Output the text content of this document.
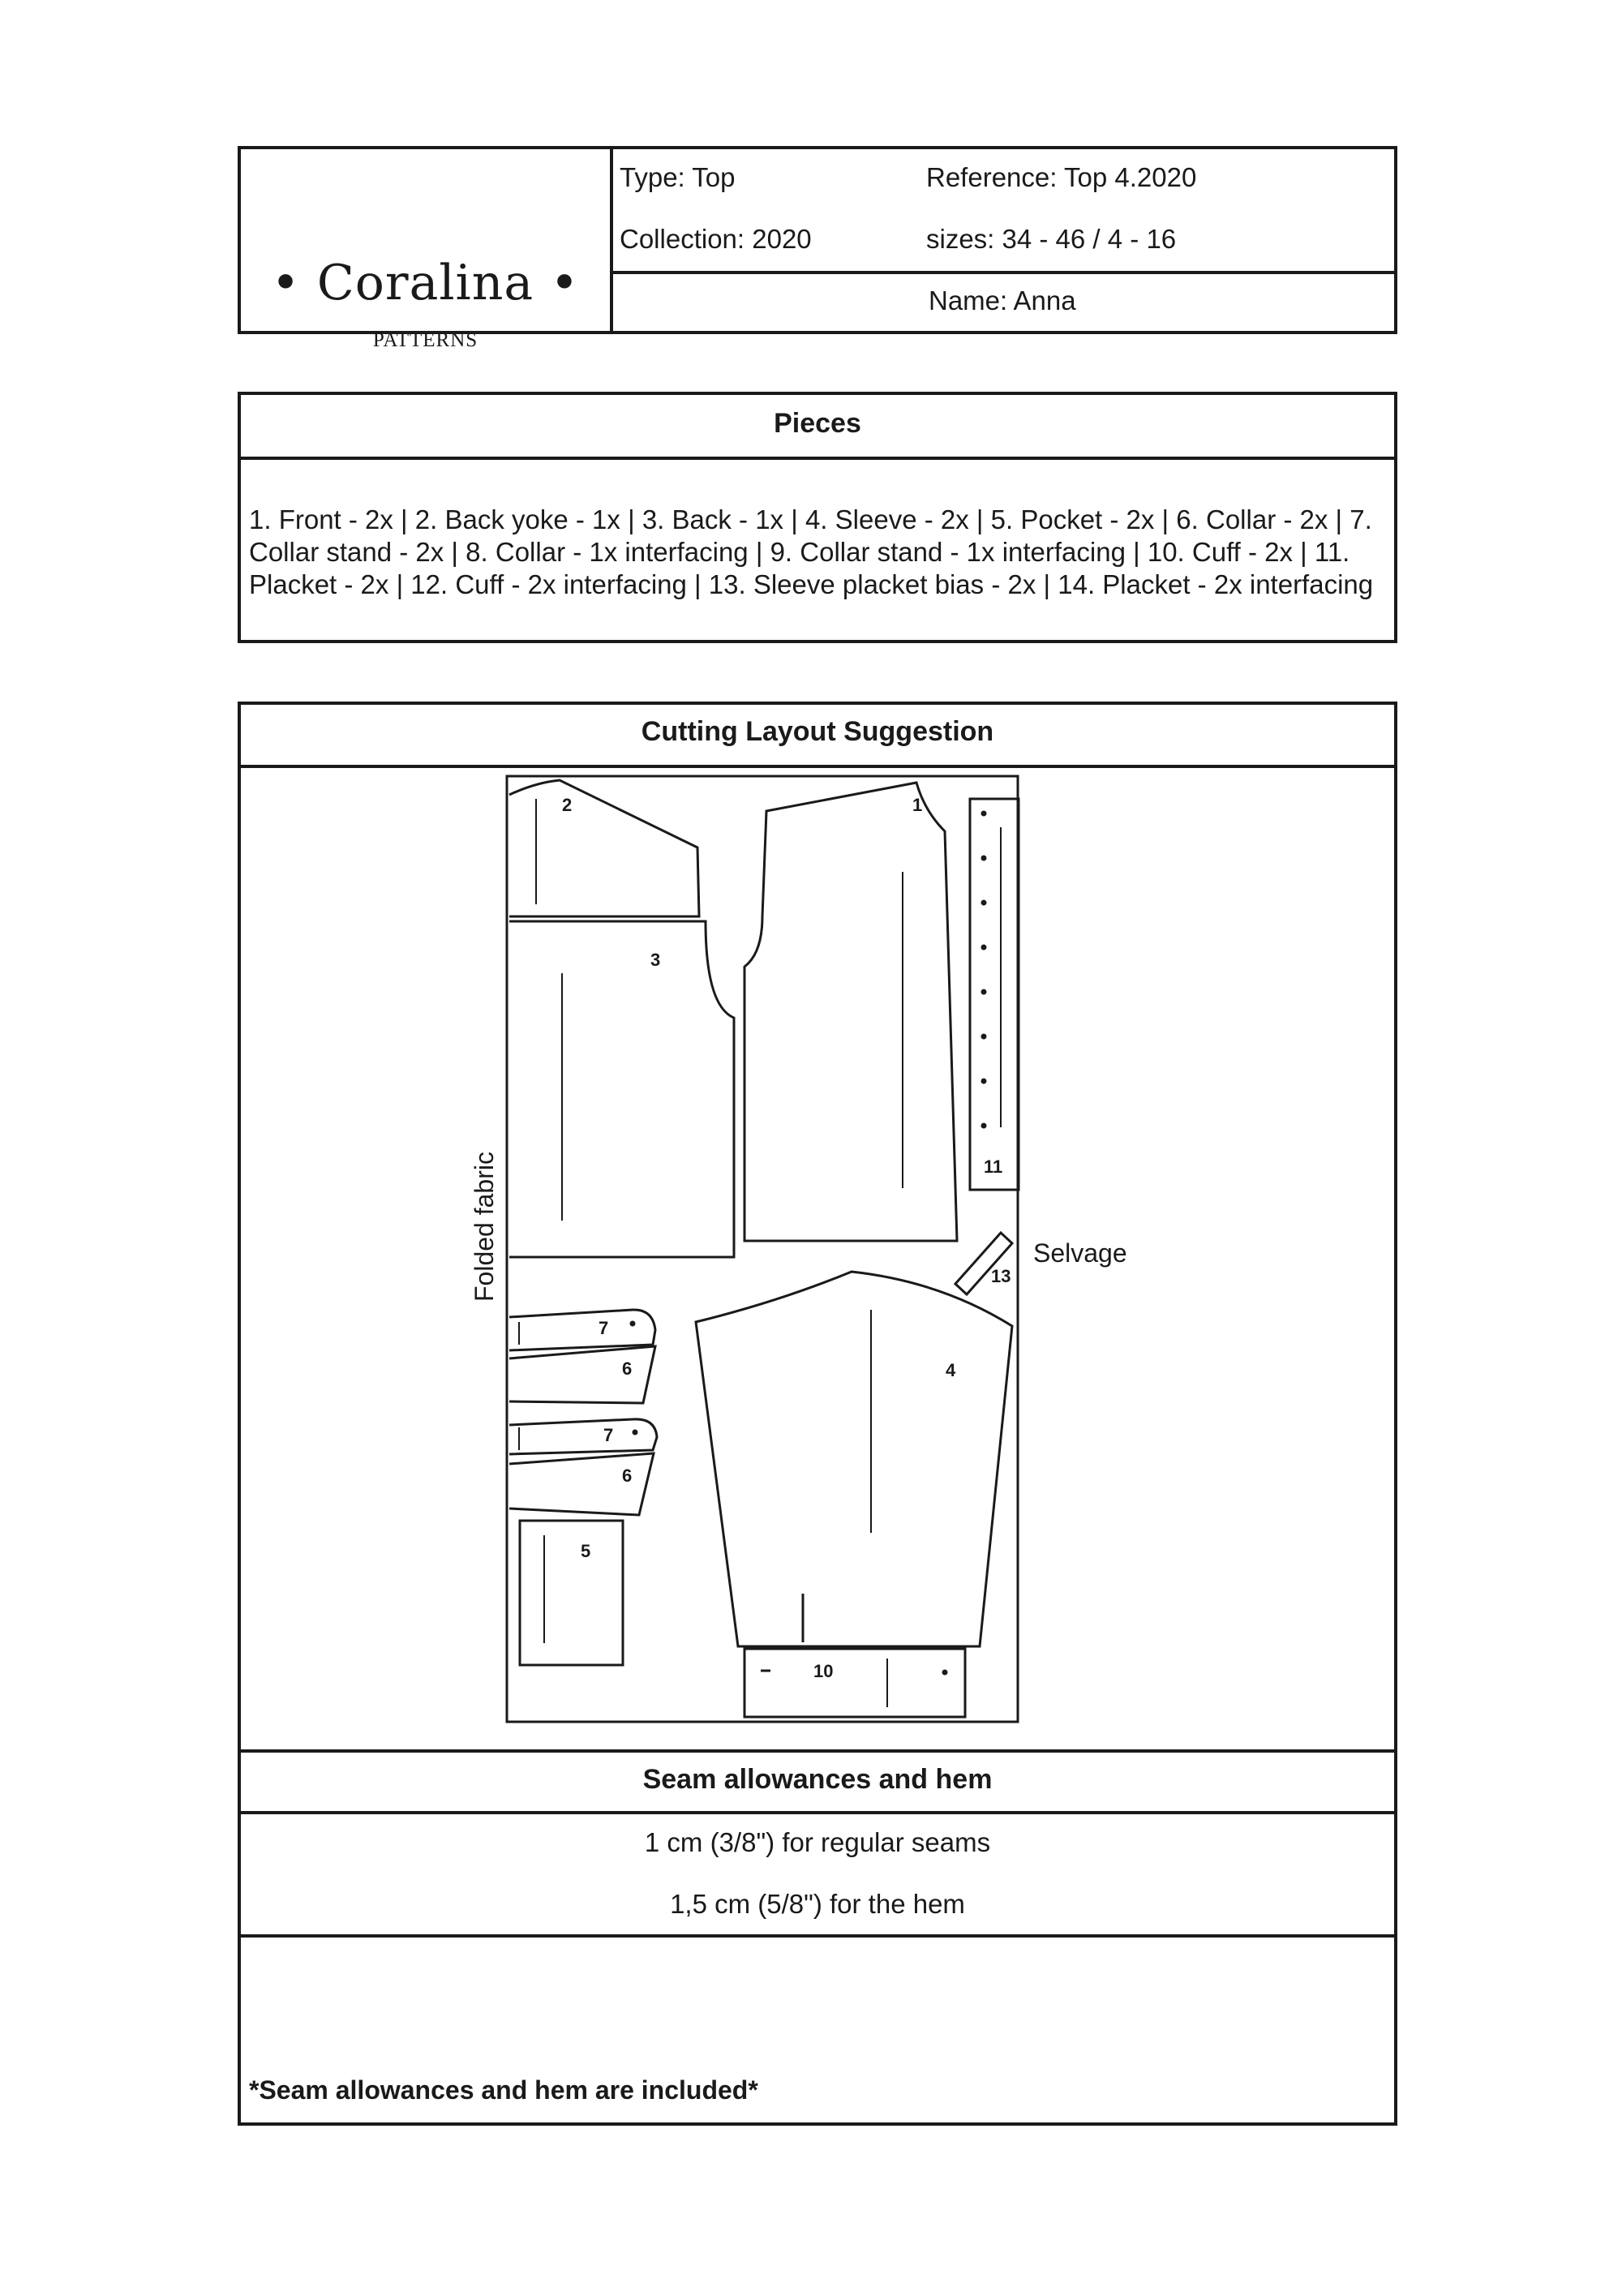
• Coralina •
PATTERNS
Type: Top	Reference: Top 4.2020
Collection: 2020	sizes: 34 - 46 / 4 - 16
Name: Anna
Pieces
1. Front - 2x | 2. Back yoke - 1x | 3. Back - 1x | 4. Sleeve - 2x | 5. Pocket - 2x | 6. Collar - 2x | 7. Collar stand - 2x | 8. Collar - 1x interfacing | 9. Collar stand - 1x interfacing | 10. Cuff - 2x | 11. Placket - 2x | 12. Cuff - 2x interfacing | 13. Sleeve placket bias - 2x | 14. Placket - 2x interfacing
Cutting Layout Suggestion
Seam allowances and hem
1 cm (3/8") for regular seams
1,5 cm (5/8") for the hem
*Seam allowances and hem are included*
2	1
3
11
13
4
7
6
7
6
5
10
Folded fabric	Selvage
